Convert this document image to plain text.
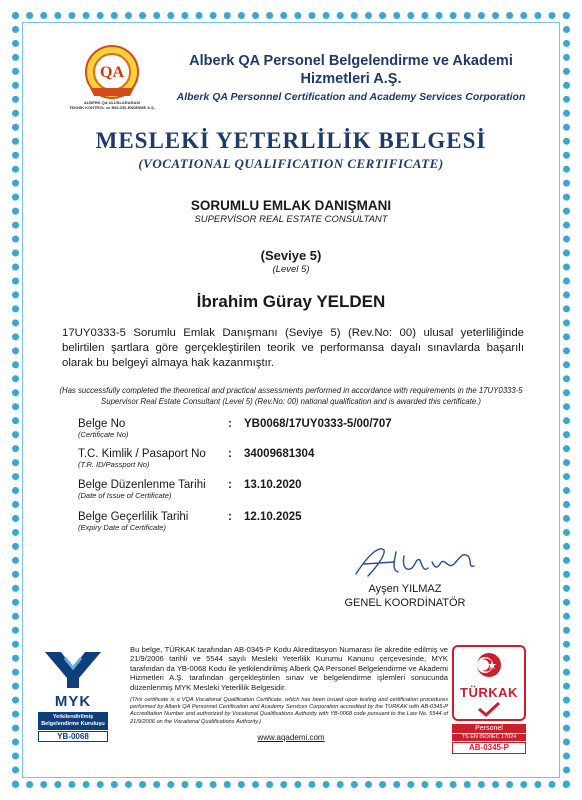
QA
ALBERK QA ULUSLARARASI
TEKNİK KONTROL ve BELGELENDİRME A.Ş.
Alberk QA Personel Belgelendirme ve Akademi
Hizmetleri A.Ş.
Alberk QA Personnel Certification and Academy Services Corporation
MESLEKİ YETERLİLİK BELGESİ
(VOCATIONAL QUALIFICATION CERTIFICATE)
SORUMLU EMLAK DANIŞMANI
SUPERVİSOR REAL ESTATE CONSULTANT
(Seviye 5)
(Level 5)
İbrahim Güray YELDEN
17UY0333-5 Sorumlu Emlak Danışmanı (Seviye 5) (Rev.No: 00) ulusal yeterliliğinde belirtilen şartlara göre gerçekleştirilen teorik ve performansa dayalı sınavlarda başarılı olarak bu belgeyi almaya hak kazanmıştır.
(Has successfully completed the theoretical and practical assessments performed in accordance with requirements in the 17UY0333-5 Supervisor Real Estate Consultant (Level 5) (Rev.No: 00) national qualification and is awarded this certificate.)
Belge No
(Certificate No)
: YB0068/17UY0333-5/00/707
T.C. Kimlik / Pasaport No
(T.R. ID/Passport No)
: 34009681304
Belge Düzenlenme Tarihi
(Date of Issue of Certificate)
: 13.10.2020
Belge Geçerlilik Tarihi
(Expiry Date of Certificate)
: 12.10.2025
Ayşen YILMAZ
GENEL KOORDİNATÖR
MYK
Yetkilendirilmiş
Belgelendirme Kuruluşu
YB-0068
Bu belge, TÜRKAK tarafından AB-0345-P Kodu Akreditasyon Numarası ile akredite edilmiş ve 21/9/2006 tarihli ve 5544 sayılı Mesleki Yeterlilik Kurumu Kanunu çerçevesinde, MYK tarafından da YB-0068 Kodu ile yetkilendirilmiş Alberk QA Personel Belgelendirme ve Akademi Hizmetleri A.Ş. tarafından gerçekleştirilen sınav ve belgelendirme işlemleri sonucunda düzenlenmiş MYK Mesleki Yeterlilik Belgesidir.
(This certificate is a VQA Vocational Qualification Certificate, which has been issued upon testing and certification procedures performed by Alberk QA Personnel Certification and Academy Services Corporation accredited by the TURKAK with AB-0345-P Accreditation Number and authorized by Vocational Qualifications Authority with YB-0068 code pursuant to the Law No. 5544 of 21/9/2006 on the Vocational Qualifications Authority.)
www.aqademi.com
TÜRKAK
Personel
TS EN ISO/IEC 17024
AB-0345-P
